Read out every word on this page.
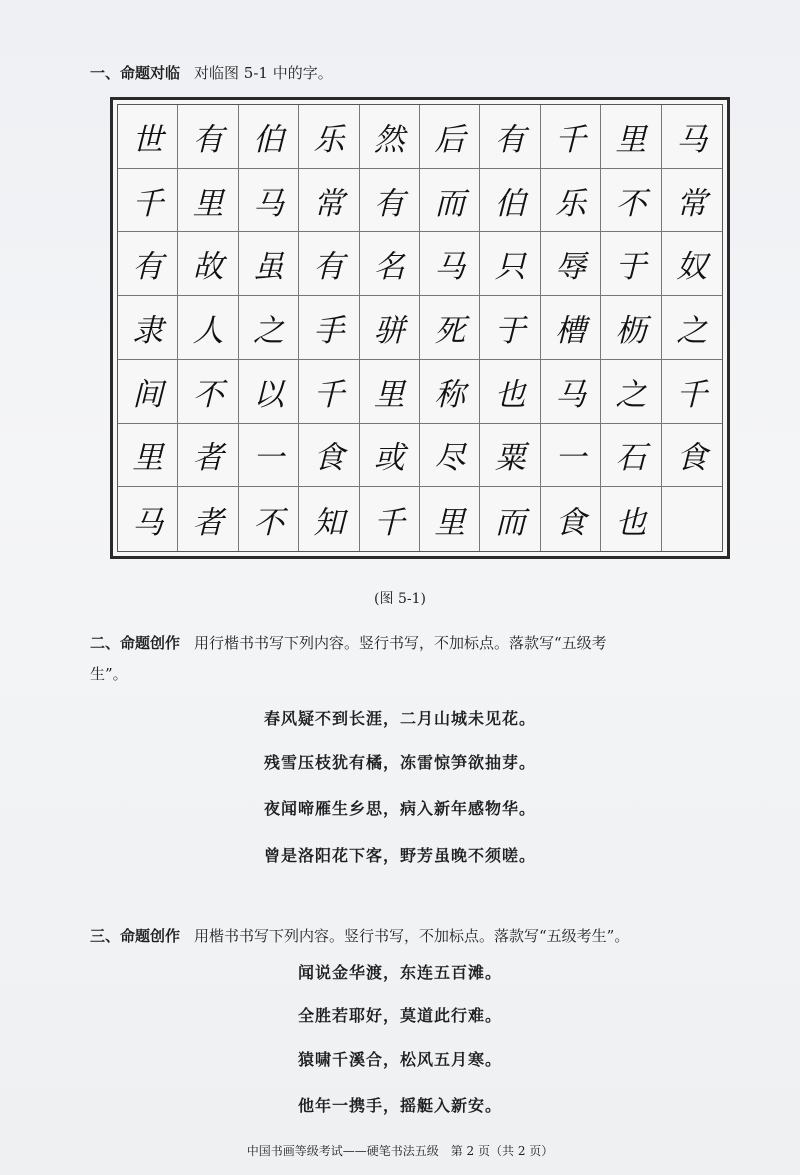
一、命题对临 对临图 5-1 中的字。
世 有 伯 乐 然 后 有 千 里 马
千 里 马 常 有 而 伯 乐 不 常
有 故 虽 有 名 马 只 辱 于 奴
隶 人 之 手 骈 死 于 槽 枥 之
间 不 以 千 里 称 也 马 之 千
里 者 一 食 或 尽 粟 一 石 食
马 者 不 知 千 里 而 食 也
(图 5-1)
二、命题创作 用行楷书书写下列内容。竖行书写，不加标点。落款写“五级考
生”。
春风疑不到长涯，二月山城未见花。
残雪压枝犹有橘，冻雷惊笋欲抽芽。
夜闻啼雁生乡思，病入新年感物华。
曾是洛阳花下客，野芳虽晚不须嗟。
三、命题创作 用楷书书写下列内容。竖行书写，不加标点。落款写“五级考生”。
闻说金华渡，东连五百滩。
全胜若耶好，莫道此行难。
猿啸千溪合，松风五月寒。
他年一携手，摇艇入新安。
中国书画等级考试——硬笔书法五级　第 2 页（共 2 页）
